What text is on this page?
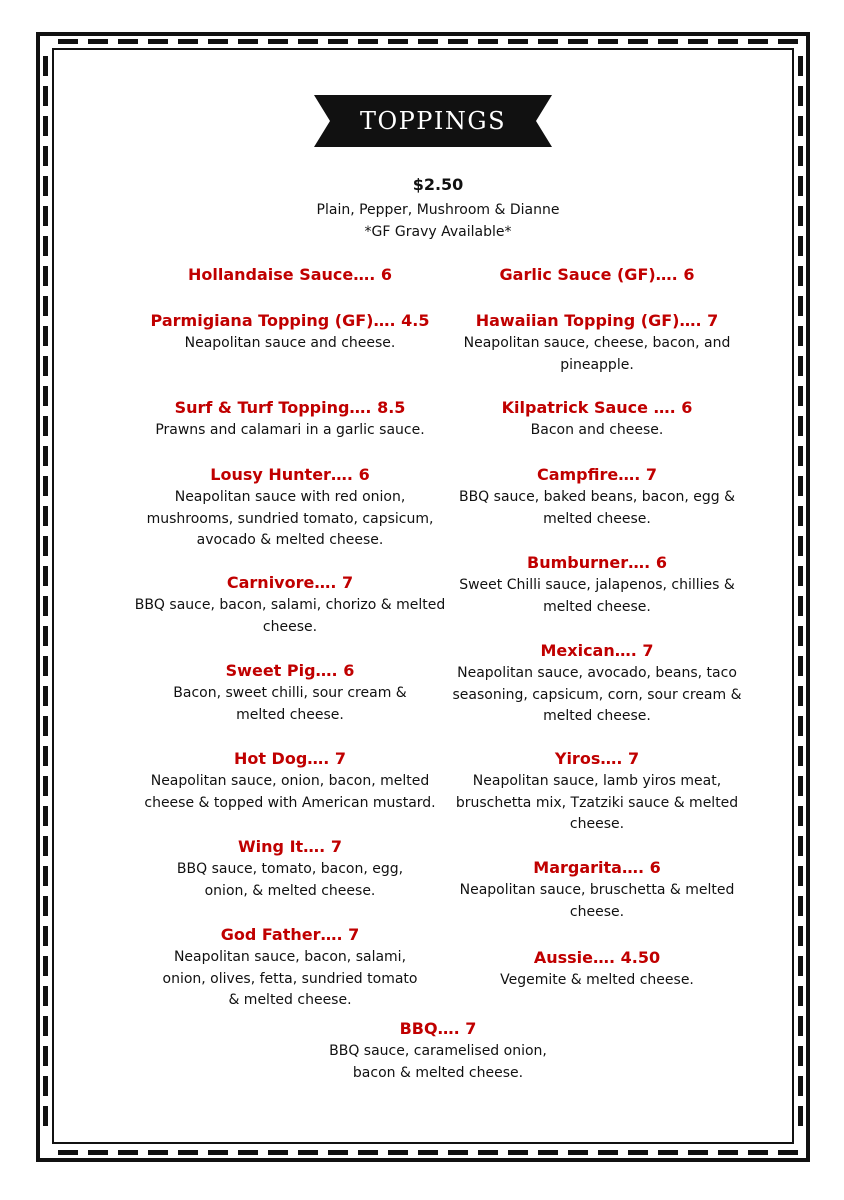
TOPPINGS
$2.50
Plain, Pepper, Mushroom & Dianne
*GF Gravy Available*
Hollandaise Sauce…. 6
Parmigiana Topping (GF)…. 4.5
Neapolitan sauce and cheese.
Surf & Turf Topping…. 8.5
Prawns and calamari in a garlic sauce.
Lousy Hunter…. 6
Neapolitan sauce with red onion, mushrooms, sundried tomato, capsicum, avocado & melted cheese.
Carnivore…. 7
BBQ sauce, bacon, salami, chorizo & melted cheese.
Sweet Pig…. 6
Bacon, sweet chilli, sour cream & melted cheese.
Hot Dog…. 7
Neapolitan sauce, onion, bacon, melted cheese & topped with American mustard.
Wing It…. 7
BBQ sauce, tomato, bacon, egg, onion, & melted cheese.
God Father…. 7
Neapolitan sauce, bacon, salami, onion, olives, fetta, sundried tomato & melted cheese.
Garlic Sauce (GF)…. 6
Hawaiian Topping (GF)…. 7
Neapolitan sauce, cheese, bacon, and pineapple.
Kilpatrick Sauce …. 6
Bacon and cheese.
Campfire…. 7
BBQ sauce, baked beans, bacon, egg & melted cheese.
Bumburner…. 6
Sweet Chilli sauce, jalapenos, chillies & melted cheese.
Mexican…. 7
Neapolitan sauce, avocado, beans, taco seasoning, capsicum, corn, sour cream & melted cheese.
Yiros…. 7
Neapolitan sauce, lamb yiros meat, bruschetta mix, Tzatziki sauce & melted cheese.
Margarita…. 6
Neapolitan sauce, bruschetta & melted cheese.
Aussie…. 4.50
Vegemite & melted cheese.
BBQ…. 7
BBQ sauce, caramelised onion, bacon & melted cheese.
